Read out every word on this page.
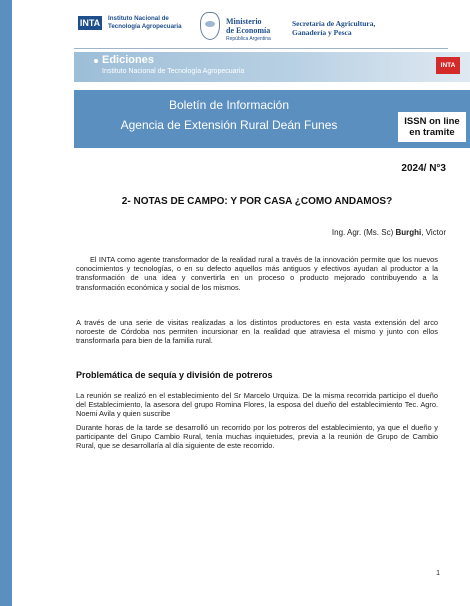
INTA Instituto Nacional de Tecnología Agropecuaria
Ministerio
de Economía
República Argentina
Secretaría de Agricultura,
Ganadería y Pesca
Ediciones
Instituto Nacional de Tecnología Agropecuaria
INTA
Boletín de Información
Agencia de Extensión Rural Deán Funes	ISSN on line en tramite
2024/ N°3
2- NOTAS DE CAMPO: Y POR CASA ¿COMO ANDAMOS?
Ing. Agr. (Ms. Sc) Burghi, Victor
El INTA como agente transformador de la realidad rural a través de la innovación permite que los nuevos conocimientos y tecnologías, o en su defecto aquellos más antiguos y efectivos ayudan al productor a la transformación de una idea y convertirla en un proceso o producto mejorado contribuyendo a la transformación económica y social de los mismos.
A través de una serie de visitas realizadas a los distintos productores en esta vasta extensión del arco noroeste de Córdoba nos permiten incursionar en la realidad que atraviesa el mismo y junto con ellos transformarla para bien de la familia rural.
Problemática de sequía y división de potreros
La reunión se realizó en el establecimiento del Sr Marcelo Urquiza. De la misma recorrida participo el dueño del Establecimiento, la asesora del grupo Romina Flores, la esposa del dueño del establecimiento Tec. Agro. Noemi Avila y quien suscribe
Durante horas de la tarde se desarrolló un recorrido por los potreros del establecimiento, ya que el dueño y participante del Grupo Cambio Rural, tenía muchas inquietudes, previa a la reunión de Grupo de Cambio Rural, que se desarrollaría al día siguiente de este recorrido.
1
